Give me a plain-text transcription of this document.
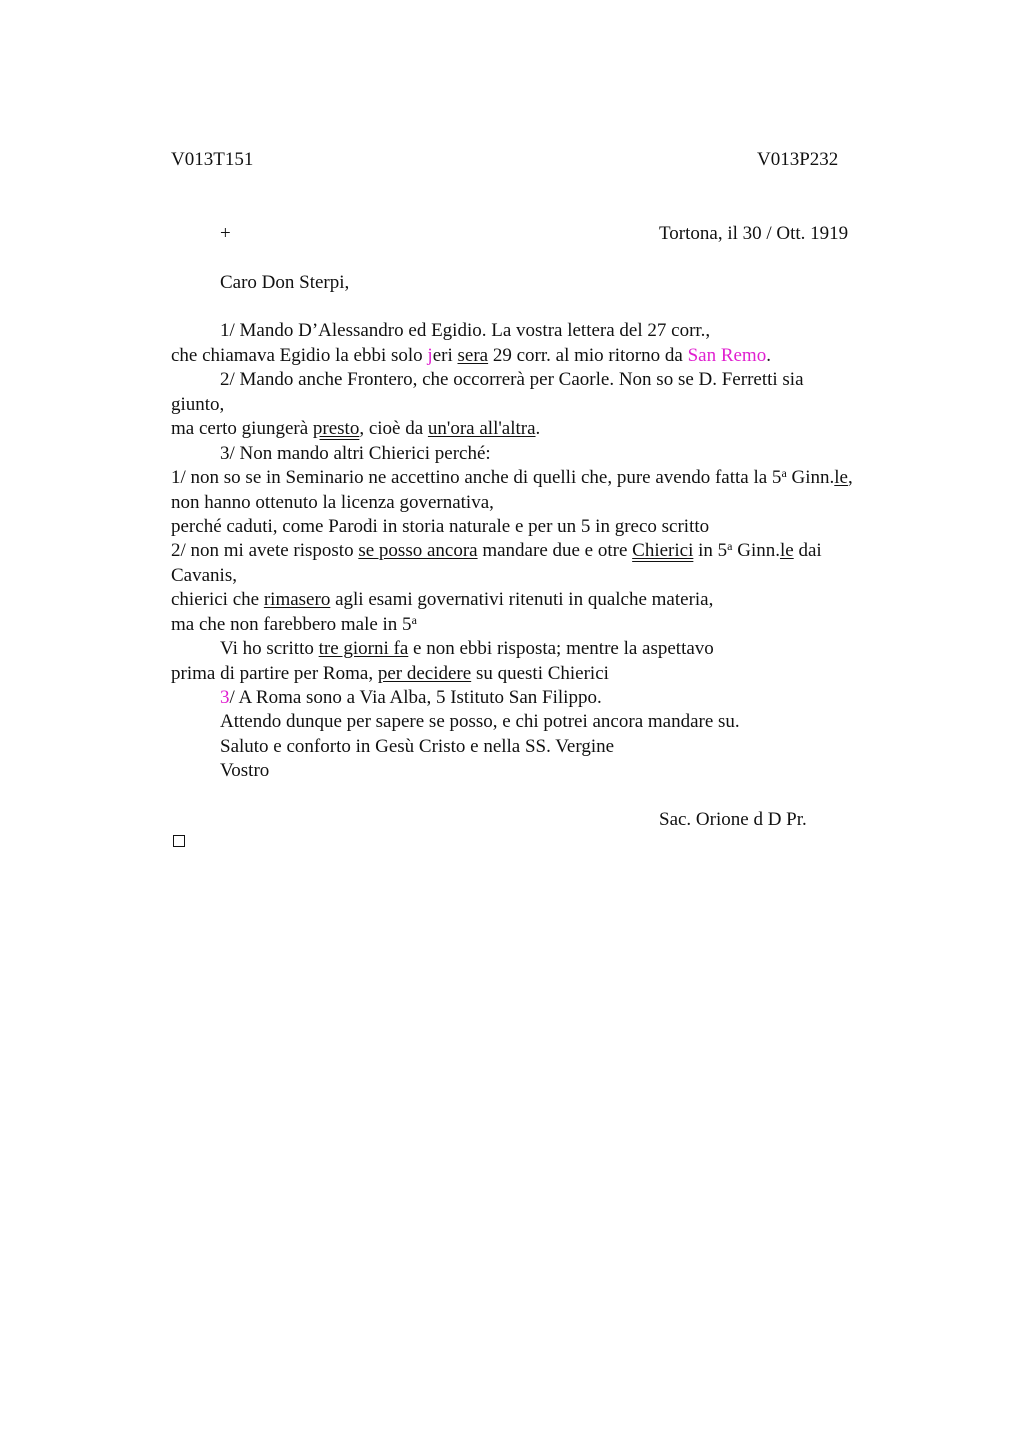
V013T151	V013P232
+	Tortona, il 30 / Ott. 1919
Caro Don Sterpi,
1/ Mando D’Alessandro ed Egidio. La vostra lettera del 27 corr.,
che chiamava Egidio la ebbi solo jeri sera 29 corr. al mio ritorno da San Remo.
2/ Mando anche Frontero, che occorrerà per Caorle. Non so se D. Ferretti sia
giunto,
ma certo giungerà presto, cioè da un'ora all'altra.
3/ Non mando altri Chierici perché:
1/ non so se in Seminario ne accettino anche di quelli che, pure avendo fatta la 5$^a$ Ginn.le,
non hanno ottenuto la licenza governativa,
perché caduti, come Parodi in storia naturale e per un 5 in greco scritto
2/ non mi avete risposto se posso ancora mandare due e otre Chierici in 5$^a$ Ginn.le dai
Cavanis,
chierici che rimasero agli esami governativi ritenuti in qualche materia,
ma che non farebbero male in 5$^a$
Vi ho scritto tre giorni fa e non ebbi risposta; mentre la aspettavo
prima di partire per Roma, per decidere su questi Chierici
3/ A Roma sono a Via Alba, 5 Istituto San Filippo.
Attendo dunque per sapere se posso, e chi potrei ancora mandare su.
Saluto e conforto in Gesù Cristo e nella SS. Vergine
Vostro
Sac. Orione d D Pr.
